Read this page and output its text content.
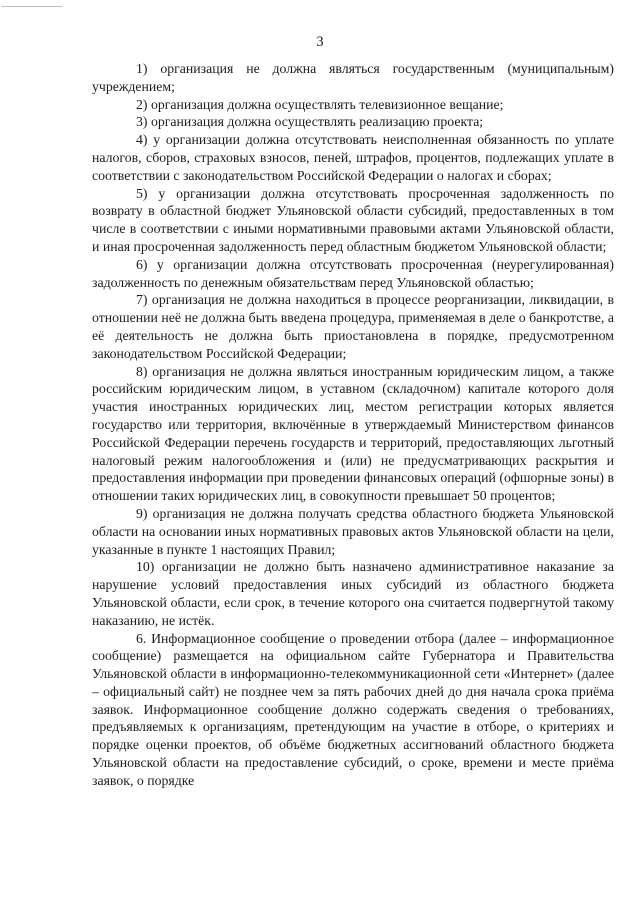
3

1) организация не должна являться государственным (муниципальным) учреждением;

2) организация должна осуществлять телевизионное вещание;

3) организация должна осуществлять реализацию проекта;

4) у организации должна отсутствовать неисполненная обязанность по уплате налогов, сборов, страховых взносов, пеней, штрафов, процентов, подлежащих уплате в соответствии с законодательством Российской Федерации о налогах и сборах;

5) у организации должна отсутствовать просроченная задолженность по возврату в областной бюджет Ульяновской области субсидий, предоставленных в том числе в соответствии с иными нормативными правовыми актами Ульяновской области, и иная просроченная задолженность перед областным бюджетом Ульяновской области;

6) у организации должна отсутствовать просроченная (неурегулированная) задолженность по денежным обязательствам перед Ульяновской областью;

7) организация не должна находиться в процессе реорганизации, ликвидации, в отношении неё не должна быть введена процедура, применяемая в деле о банкротстве, а её деятельность не должна быть приостановлена в порядке, предусмотренном законодательством Российской Федерации;

8) организация не должна являться иностранным юридическим лицом, а также российским юридическим лицом, в уставном (складочном) капитале которого доля участия иностранных юридических лиц, местом регистрации которых является государство или территория, включённые в утверждаемый Министерством финансов Российской Федерации перечень государств и территорий, предоставляющих льготный налоговый режим налогообложения и (или) не предусматривающих раскрытия и предоставления информации при проведении финансовых операций (офшорные зоны) в отношении таких юридических лиц, в совокупности превышает 50 процентов;

9) организация не должна получать средства областного бюджета Ульяновской области на основании иных нормативных правовых актов Ульяновской области на цели, указанные в пункте 1 настоящих Правил;

10) организации не должно быть назначено административное наказание за нарушение условий предоставления иных субсидий из областного бюджета Ульяновской области, если срок, в течение которого она считается подвергнутой такому наказанию, не истёк.

6. Информационное сообщение о проведении отбора (далее – информационное сообщение) размещается на официальном сайте Губернатора и Правительства Ульяновской области в информационно-телекоммуникационной сети «Интернет» (далее – официальный сайт) не позднее чем за пять рабочих дней до дня начала срока приёма заявок. Информационное сообщение должно содержать сведения о требованиях, предъявляемых к организациям, претендующим на участие в отборе, о критериях и порядке оценки проектов, об объёме бюджетных ассигнований областного бюджета Ульяновской области на предоставление субсидий, о сроке, времени и месте приёма заявок, о порядке
